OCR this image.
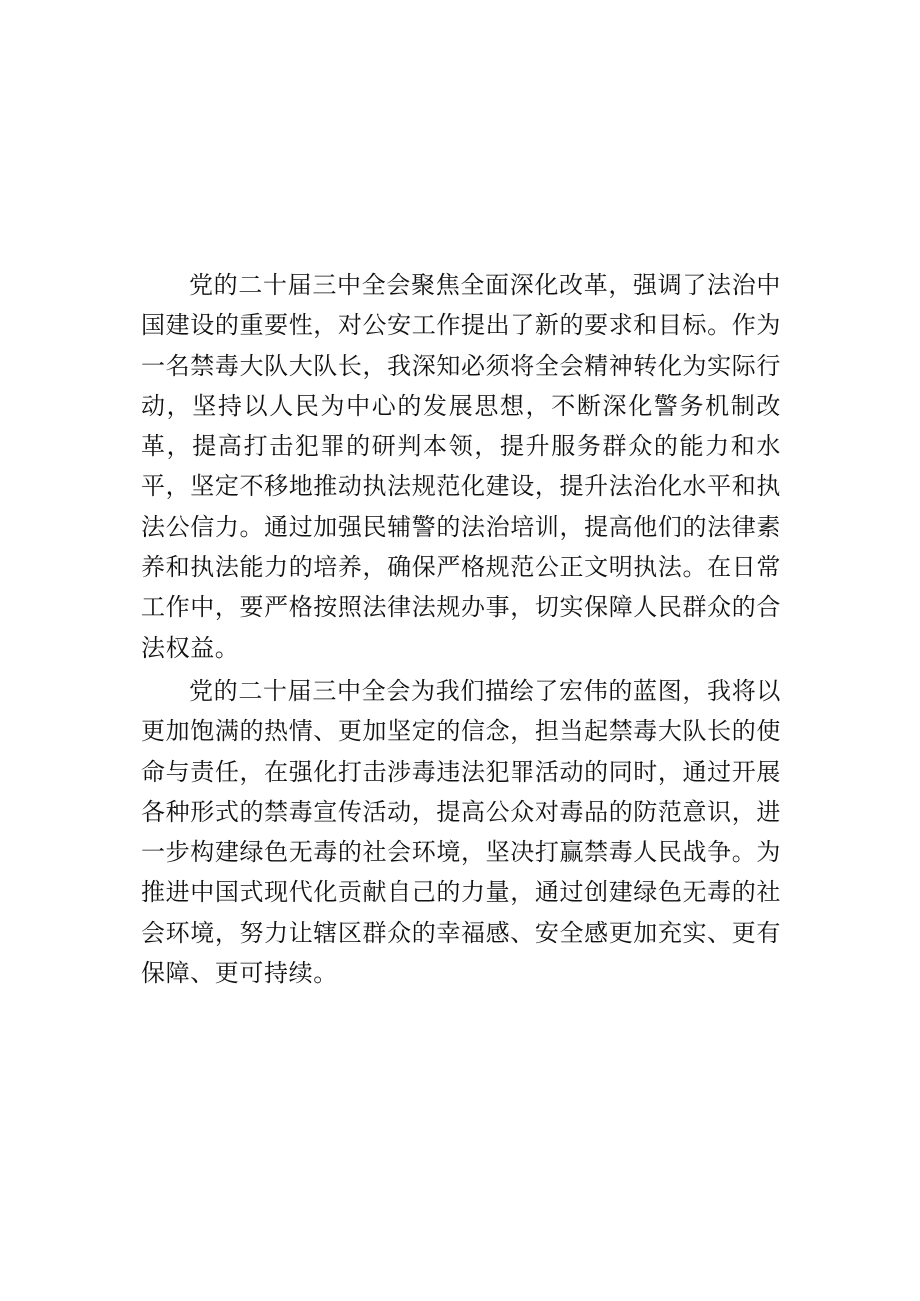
党的二十届三中全会聚焦全面深化改革，强调了法治中国建设的重要性，对公安工作提出了新的要求和目标。作为一名禁毒大队大队长，我深知必须将全会精神转化为实际行动，坚持以人民为中心的发展思想，不断深化警务机制改革，提高打击犯罪的研判本领，提升服务群众的能力和水平，坚定不移地推动执法规范化建设，提升法治化水平和执法公信力。通过加强民辅警的法治培训，提高他们的法律素养和执法能力的培养，确保严格规范公正文明执法。在日常工作中，要严格按照法律法规办事，切实保障人民群众的合法权益。

党的二十届三中全会为我们描绘了宏伟的蓝图，我将以更加饱满的热情、更加坚定的信念，担当起禁毒大队长的使命与责任，在强化打击涉毒违法犯罪活动的同时，通过开展各种形式的禁毒宣传活动，提高公众对毒品的防范意识，进一步构建绿色无毒的社会环境，坚决打赢禁毒人民战争。为推进中国式现代化贡献自己的力量，通过创建绿色无毒的社会环境，努力让辖区群众的幸福感、安全感更加充实、更有保障、更可持续。
